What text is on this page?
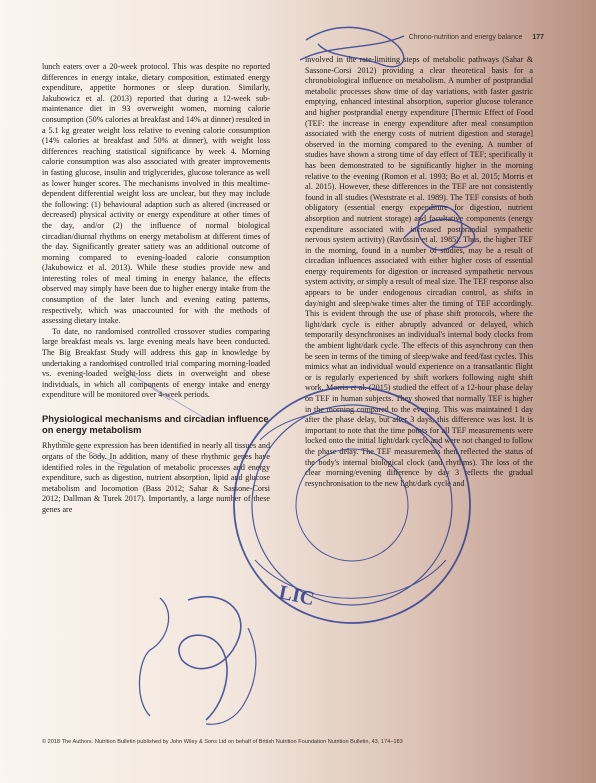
Chrono-nutrition and energy balance 177

lunch eaters over a 20-week protocol. This was despite no reported differences in energy intake, dietary composition, estimated energy expenditure, appetite hormones or sleep duration. Similarly, Jakubowicz et al. (2013) reported that during a 12-week sub-maintenance diet in 93 overweight women, morning calorie consumption (50% calories at breakfast and 14% at dinner) resulted in a 5.1 kg greater weight loss relative to evening calorie consumption (14% calories at breakfast and 50% at dinner), with weight loss differences reaching statistical significance by week 4. Morning calorie consumption was also associated with greater improvements in fasting glucose, insulin and triglycerides, glucose tolerance as well as lower hunger scores. The mechanisms involved in this mealtime-dependent differential weight loss are unclear, but they may include the following: (1) behavioural adaption such as altered (increased or decreased) physical activity or energy expenditure at other times of the day, and/or (2) the influence of normal biological circadian/diurnal rhythms on energy metabolism at different times of the day. Significantly greater satiety was an additional outcome of morning compared to evening-loaded calorie consumption (Jakubowicz et al. 2013). While these studies provide new and interesting roles of meal timing in energy balance, the effects observed may simply have been due to higher energy intake from the consumption of the later lunch and evening eating patterns, respectively, which was unaccounted for with the methods of assessing dietary intake.

To date, no randomised controlled crossover studies comparing large breakfast meals vs. large evening meals have been conducted. The Big Breakfast Study will address this gap in knowledge by undertaking a randomised controlled trial comparing morning-loaded vs. evening-loaded weight-loss diets in overweight and obese individuals, in which all components of energy intake and energy expenditure will be monitored over 4-week periods.

Physiological mechanisms and circadian influence on energy metabolism

Rhythmic gene expression has been identified in nearly all tissues and organs of the body. In addition, many of these rhythmic genes have identified roles in the regulation of metabolic processes and energy expenditure, such as digestion, nutrient absorption, lipid and glucose metabolism and locomotion (Bass 2012; Sahar & Sassone-Corsi 2012; Dallman & Turek 2017). Importantly, a large number of these genes are

involved in the rate-limiting steps of metabolic pathways (Sahar & Sassone-Corsi 2012) providing a clear theoretical basis for a chronobiological influence on metabolism. A number of postprandial metabolic processes show time of day variations, with faster gastric emptying, enhanced intestinal absorption, superior glucose tolerance and higher postprandial energy expenditure [Thermic Effect of Food (TEF: the increase in energy expenditure after meal consumption associated with the energy costs of nutrient digestion and storage] observed in the morning compared to the evening. A number of studies have shown a strong time of day effect of TEF; specifically it has been demonstrated to be significantly higher in the morning relative to the evening (Romon et al. 1993; Bo et al. 2015; Morris et al. 2015). However, these differences in the TEF are not consistently found in all studies (Weststrate et al. 1989). The TEF consists of both obligatory (essential energy expenditure for digestion, nutrient absorption and nutrient storage) and facultative components (energy expenditure associated with increased postprandial sympathetic nervous system activity) (Ravussin et al. 1985). Thus, the higher TEF in the morning, found in a number of studies, may be a result of circadian influences associated with either higher costs of essential energy requirements for digestion or increased sympathetic nervous system activity, or simply a result of meal size. The TEF response also appears to be under endogenous circadian control, as shifts in day/night and sleep/wake times alter the timing of TEF accordingly. This is evident through the use of phase shift protocols, where the light/dark cycle is either abruptly advanced or delayed, which temporarily desynchronises an individual's internal body clocks from the ambient light/dark cycle. The effects of this asynchrony can then be seen in terms of the timing of sleep/wake and feed/fast cycles. This mimics what an individual would experience on a transatlantic flight or is regularly experienced by shift workers following night shift work. Morris et al. (2015) studied the effect of a 12-hour phase delay on TEF in human subjects. They showed that normally TEF is higher in the morning compared to the evening. This was maintained 1 day after the phase delay, but after 3 days, this difference was lost. It is important to note that the time points for all TEF measurements were locked onto the initial light/dark cycle and were not changed to follow the phase delay. The TEF measurements then reflected the status of the body's internal biological clock (and rhythms). The loss of the clear morning/evening difference by day 3 reflects the gradual resynchronisation to the new light/dark cycle and

© 2018 The Authors. Nutrition Bulletin published by John Wiley & Sons Ltd on behalf of British Nutrition Foundation Nutrition Bulletin, 43, 174–183
LIC
